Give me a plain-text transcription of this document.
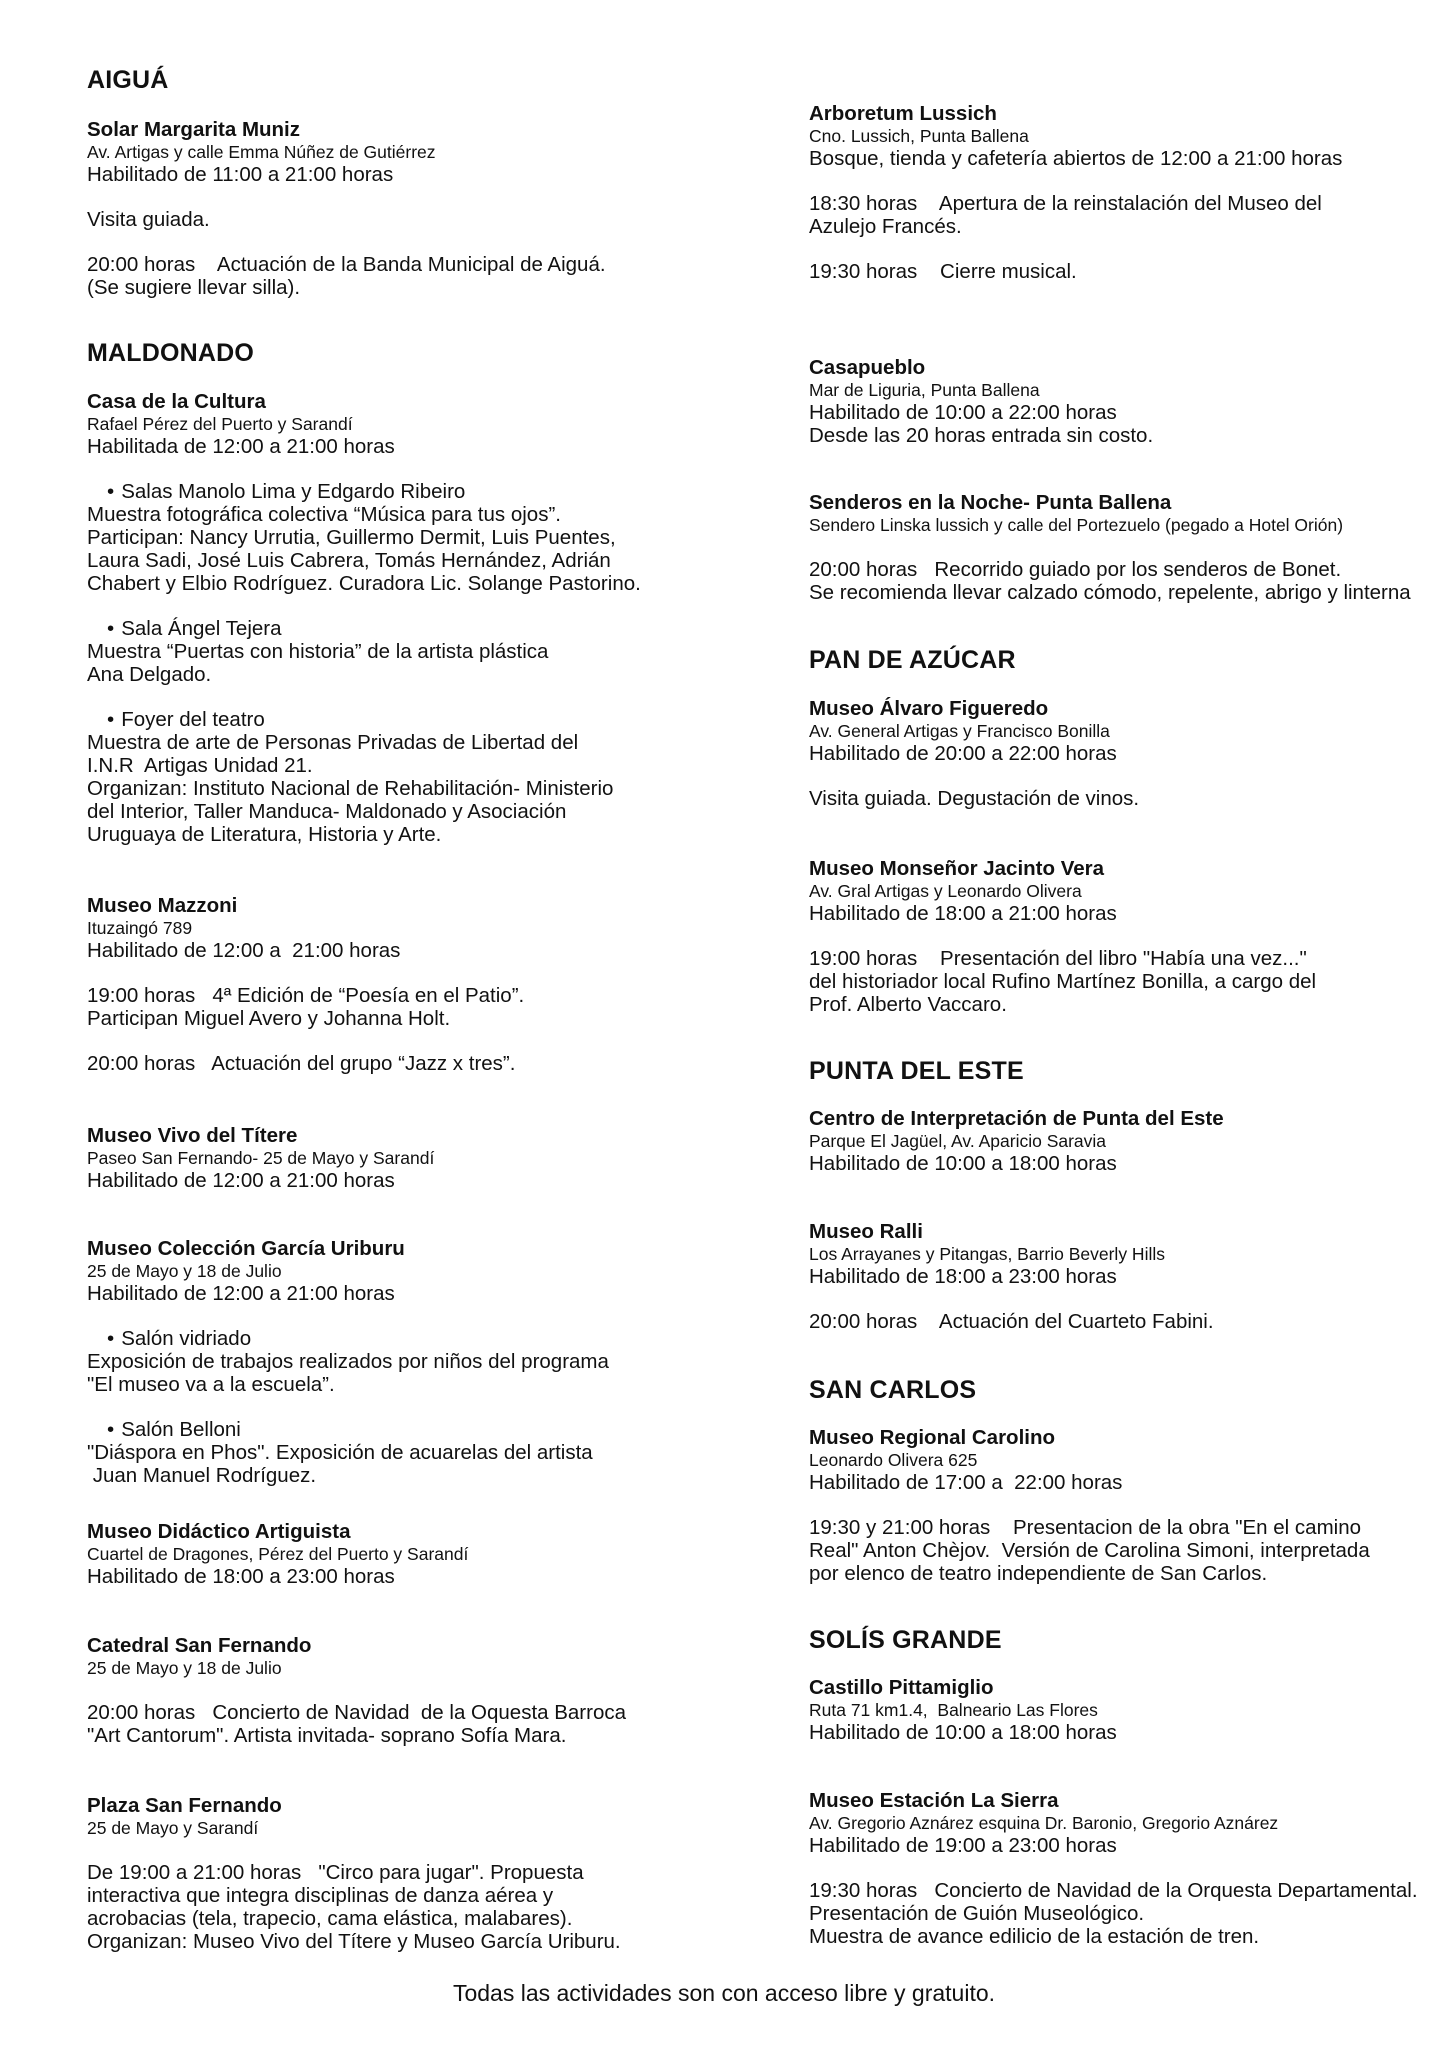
AIGUÁ

Solar Margarita Muniz

Av. Artigas y calle Emma Núñez de Gutiérrez

Habilitado de 11:00 a 21:00 horas

Visita guiada.

20:00 horas    Actuación de la Banda Municipal de Aiguá.

(Se sugiere llevar silla).

MALDONADO

Casa de la Cultura

Rafael Pérez del Puerto y Sarandí

Habilitada de 12:00 a 21:00 horas

• Salas Manolo Lima y Edgardo Ribeiro

Muestra fotográfica colectiva “Música para tus ojos”.

Participan: Nancy Urrutia, Guillermo Dermit, Luis Puentes,

Laura Sadi, José Luis Cabrera, Tomás Hernández, Adrián

Chabert y Elbio Rodríguez. Curadora Lic. Solange Pastorino.

• Sala Ángel Tejera

Muestra “Puertas con historia” de la artista plástica

Ana Delgado.

• Foyer del teatro

Muestra de arte de Personas Privadas de Libertad del

I.N.R  Artigas Unidad 21.

Organizan: Instituto Nacional de Rehabilitación- Ministerio

del Interior, Taller Manduca- Maldonado y Asociación

Uruguaya de Literatura, Historia y Arte.

Museo Mazzoni

Ituzaingó 789

Habilitado de 12:00 a  21:00 horas

19:00 horas   4ª Edición de “Poesía en el Patio”.

Participan Miguel Avero y Johanna Holt.

20:00 horas   Actuación del grupo “Jazz x tres”.

Museo Vivo del Títere

Paseo San Fernando- 25 de Mayo y Sarandí

Habilitado de 12:00 a 21:00 horas

Museo Colección García Uriburu

25 de Mayo y 18 de Julio

Habilitado de 12:00 a 21:00 horas

• Salón vidriado

Exposición de trabajos realizados por niños del programa

"El museo va a la escuela”.

• Salón Belloni

"Diáspora en Phos". Exposición de acuarelas del artista

Juan Manuel Rodríguez.

Museo Didáctico Artiguista

Cuartel de Dragones, Pérez del Puerto y Sarandí

Habilitado de 18:00 a 23:00 horas

Catedral San Fernando

25 de Mayo y 18 de Julio

20:00 horas   Concierto de Navidad  de la Oquesta Barroca

"Art Cantorum". Artista invitada- soprano Sofía Mara.

Plaza San Fernando

25 de Mayo y Sarandí

De 19:00 a 21:00 horas   "Circo para jugar". Propuesta

interactiva que integra disciplinas de danza aérea y

acrobacias (tela, trapecio, cama elástica, malabares).

Organizan: Museo Vivo del Títere y Museo García Uriburu.

Arboretum Lussich

Cno. Lussich, Punta Ballena

Bosque, tienda y cafetería abiertos de 12:00 a 21:00 horas

18:30 horas    Apertura de la reinstalación del Museo del

Azulejo Francés.

19:30 horas    Cierre musical.

Casapueblo

Mar de Liguria, Punta Ballena

Habilitado de 10:00 a 22:00 horas

Desde las 20 horas entrada sin costo.

Senderos en la Noche- Punta Ballena

Sendero Linska lussich y calle del Portezuelo (pegado a Hotel Orión)

20:00 horas   Recorrido guiado por los senderos de Bonet.

Se recomienda llevar calzado cómodo, repelente, abrigo y linterna

PAN DE AZÚCAR

Museo Álvaro Figueredo

Av. General Artigas y Francisco Bonilla

Habilitado de 20:00 a 22:00 horas

Visita guiada. Degustación de vinos.

Museo Monseñor Jacinto Vera

Av. Gral Artigas y Leonardo Olivera

Habilitado de 18:00 a 21:00 horas

19:00 horas    Presentación del libro "Había una vez..."

del historiador local Rufino Martínez Bonilla, a cargo del

Prof. Alberto Vaccaro.

PUNTA DEL ESTE

Centro de Interpretación de Punta del Este

Parque El Jagüel, Av. Aparicio Saravia

Habilitado de 10:00 a 18:00 horas

Museo Ralli

Los Arrayanes y Pitangas, Barrio Beverly Hills

Habilitado de 18:00 a 23:00 horas

20:00 horas    Actuación del Cuarteto Fabini.

SAN CARLOS

Museo Regional Carolino

Leonardo Olivera 625

Habilitado de 17:00 a  22:00 horas

19:30 y 21:00 horas    Presentacion de la obra "En el camino

Real" Anton Chèjov.  Versión de Carolina Simoni, interpretada

por elenco de teatro independiente de San Carlos.

SOLÍS GRANDE

Castillo Pittamiglio

Ruta 71 km1.4,  Balneario Las Flores

Habilitado de 10:00 a 18:00 horas

Museo Estación La Sierra

Av. Gregorio Aznárez esquina Dr. Baronio, Gregorio Aznárez

Habilitado de 19:00 a 23:00 horas

19:30 horas   Concierto de Navidad de la Orquesta Departamental.

Presentación de Guión Museológico.

Muestra de avance edilicio de la estación de tren.

Todas las actividades son con acceso libre y gratuito.
